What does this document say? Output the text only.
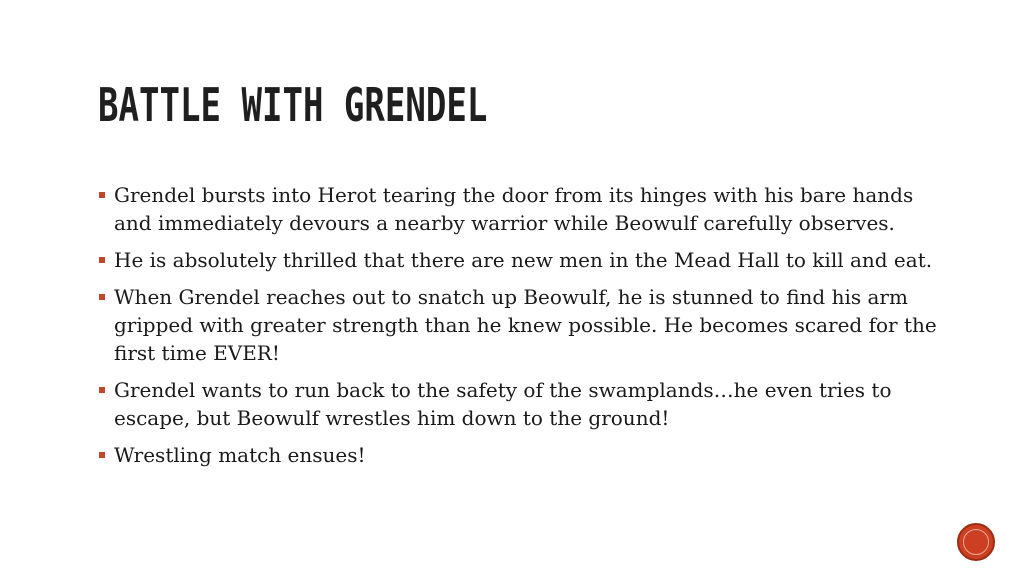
BATTLE WITH GRENDEL
Grendel bursts into Herot tearing the door from its hinges with his bare hands and immediately devours a nearby warrior while Beowulf carefully observes.
He is absolutely thrilled that there are new men in the Mead Hall to kill and eat.
When Grendel reaches out to snatch up Beowulf, he is stunned to find his arm gripped with greater strength than he knew possible. He becomes scared for the first time EVER!
Grendel wants to run back to the safety of the swamplands…he even tries to escape, but Beowulf wrestles him down to the ground!
Wrestling match ensues!
